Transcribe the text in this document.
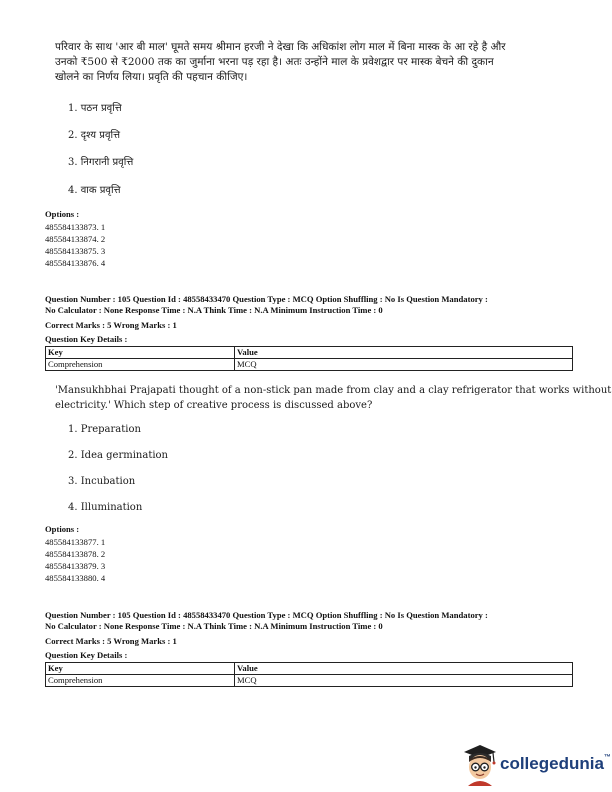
परिवार के साथ 'आर बी माल' घूमते समय श्रीमान हरजी ने देखा कि अधिकांश लोग माल में बिना मास्क के आ रहे है और
उनको ₹500 से ₹2000 तक का जुर्माना भरना पड़ रहा है। अतः उन्होंने माल के प्रवेशद्वार पर मास्क बेचने की दुकान
खोलने का निर्णय लिया। प्रवृति की पहचान कीजिए।
1. पठन प्रवृत्ति
2. दृश्य प्रवृत्ति
3. निगरानी प्रवृत्ति
4. वाक प्रवृत्ति
Options :
485584133873. 1
485584133874. 2
485584133875. 3
485584133876. 4
Question Number : 105 Question Id : 48558433470 Question Type : MCQ Option Shuffling : No Is Question Mandatory :
No Calculator : None Response Time : N.A Think Time : N.A Minimum Instruction Time : 0
Correct Marks : 5 Wrong Marks : 1
Question Key Details :
Key	Value
Comprehension	MCQ
'Mansukhbhai Prajapati thought of a non-stick pan made from clay and a clay refrigerator that works without
electricity.' Which step of creative process is discussed above?
1. Preparation
2. Idea germination
3. Incubation
4. Illumination
Options :
485584133877. 1
485584133878. 2
485584133879. 3
485584133880. 4
Question Number : 105 Question Id : 48558433470 Question Type : MCQ Option Shuffling : No Is Question Mandatory :
No Calculator : None Response Time : N.A Think Time : N.A Minimum Instruction Time : 0
Correct Marks : 5 Wrong Marks : 1
Question Key Details :
Key	Value
Comprehension	MCQ
collegedunia™
